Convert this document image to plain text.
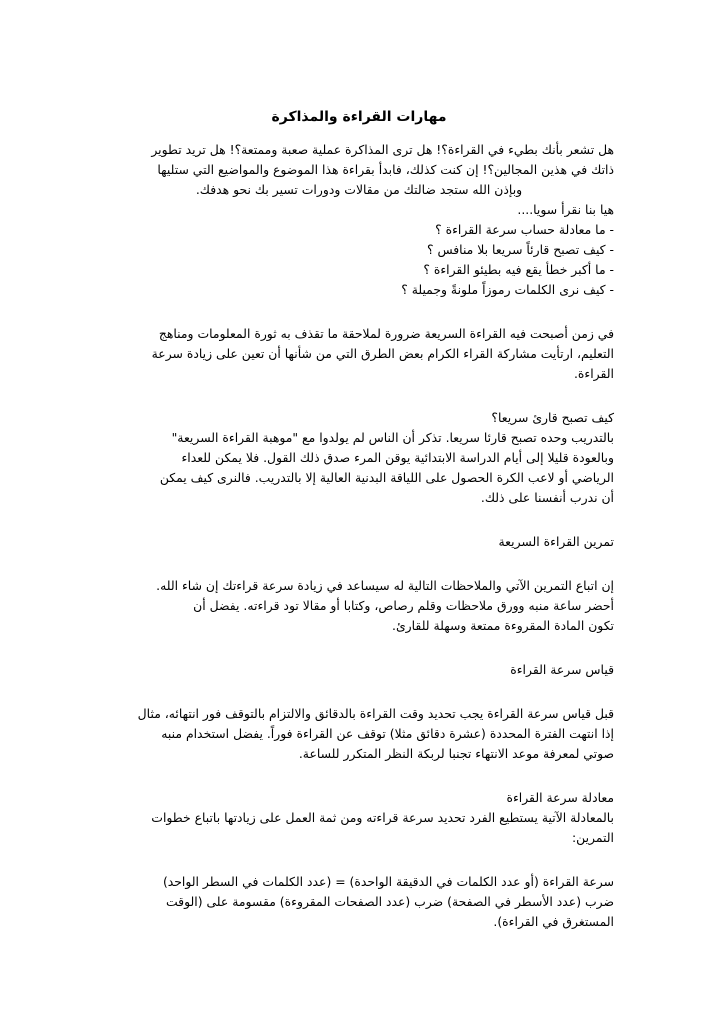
مهارات القراءة والمذاكرة
هل تشعر بأنك بطيء في القراءة؟! هل ترى المذاكرة عملية صعبة وممتعة؟! هل تريد تطوير
ذاتك في هذين المجالين؟! إن كنت كذلك، فابدأ بقراءة هذا الموضوع والمواضيع التي ستليها
وبإذن الله ستجد ضالتك من مقالات ودورات تسير بك نحو هدفك.
هيا بنا نقرأ سويا....
- ما معادلة حساب سرعة القراءة ؟
- كيف تصبح قارئاً سريعا بلا منافس ؟
- ما أكبر خطأ يقع فيه بطيئو القراءة ؟
- كيف نرى الكلمات رموزاً ملونةً وجميلة ؟
في زمن أصبحت فيه القراءة السريعة ضرورة لملاحقة ما تقذف به ثورة المعلومات ومناهج
التعليم، ارتأيت مشاركة القراء الكرام بعض الطرق التي من شأنها أن تعين على زيادة سرعة
القراءة.
كيف تصبح قارئ سريعا؟
بالتدريب وحده تصبح قارئا سريعا. تذكر أن الناس لم يولدوا مع "موهبة القراءة السريعة"
وبالعودة قليلا إلى أيام الدراسة الابتدائية يوقن المرء صدق ذلك القول. فلا يمكن للعداء
الرياضي أو لاعب الكرة الحصول على اللياقة البدنية العالية إلا بالتدريب. فالنرى كيف يمكن
أن ندرب أنفسنا على ذلك.
تمرين القراءة السريعة
إن اتباع التمرين الآتي والملاحظات التالية له سيساعد في زيادة سرعة قراءتك إن شاء الله.
أحضر ساعة منبه وورق ملاحظات وقلم رصاص، وكتابا أو مقالا تود قراءته. يفضل أن
تكون المادة المقروءة ممتعة وسهلة للقارئ.
قياس سرعة القراءة
قبل قياس سرعة القراءة يجب تحديد وقت القراءة بالدقائق والالتزام بالتوقف فور انتهائه، مثال
إذا انتهت الفترة المحددة (عشرة دقائق مثلا) توقف عن القراءة فوراً. يفضل استخدام منبه
صوتي لمعرفة موعد الانتهاء تجنبا لربكة النظر المتكرر للساعة.
معادلة سرعة القراءة
بالمعادلة الآتية يستطيع الفرد تحديد سرعة قراءته ومن ثمة العمل على زيادتها باتباع خطوات
التمرين:
سرعة القراءة (أو عدد الكلمات في الدقيقة الواحدة) = (عدد الكلمات في السطر الواحد)
ضرب (عدد الأسطر في الصفحة) ضرب (عدد الصفحات المقروءة) مقسومة على (الوقت
المستغرق في القراءة).
